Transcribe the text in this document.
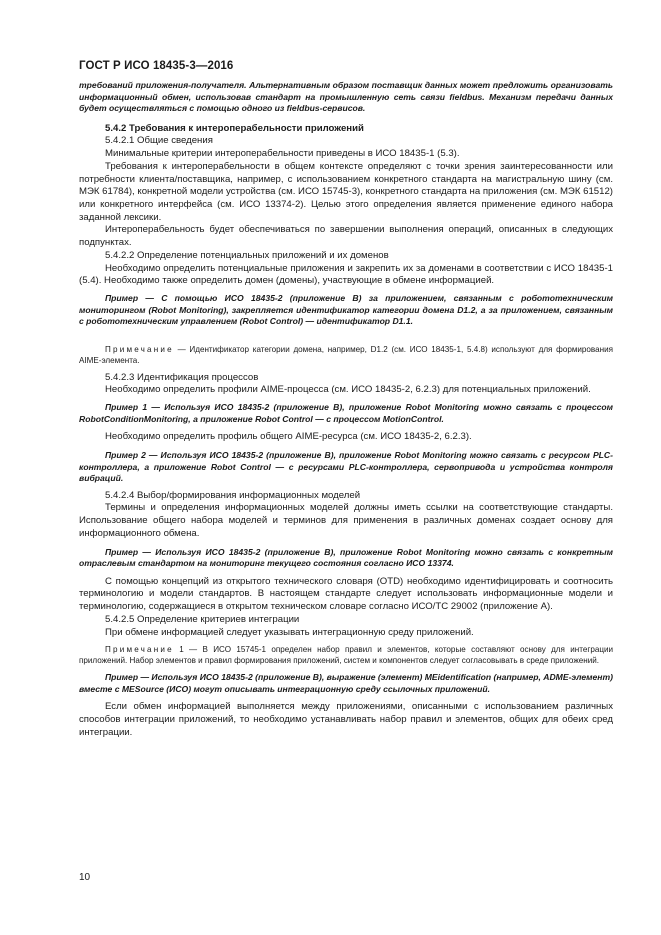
ГОСТ Р ИСО 18435-3—2016

требований приложения-получателя. Альтернативным образом поставщик данных может предложить организовать информационный обмен, использовав стандарт на промышленную сеть связи fieldbus. Механизм передачи данных будет осуществляться с помощью одного из fieldbus-сервисов.

5.4.2 Требования к интероперабельности приложений

5.4.2.1 Общие сведения

Минимальные критерии интероперабельности приведены в ИСО 18435-1 (5.3).

Требования к интероперабельности в общем контексте определяют с точки зрения заинтересованности или потребности клиента/поставщика, например, с использованием конкретного стандарта на магистральную шину (см. МЭК 61784), конкретной модели устройства (см. ИСО 15745-3), конкретного стандарта на приложения (см. МЭК 61512) или конкретного интерфейса (см. ИСО 13374-2). Целью этого определения является применение единого набора заданной лексики.

Интероперабельность будет обеспечиваться по завершении выполнения операций, описанных в следующих подпунктах.

5.4.2.2 Определение потенциальных приложений и их доменов

Необходимо определить потенциальные приложения и закрепить их за доменами в соответствии с ИСО 18435-1 (5.4). Необходимо также определить домен (домены), участвующие в обмене информацией.

Пример — С помощью ИСО 18435-2 (приложение В) за приложением, связанным с робототехническим мониторингом (Robot Monitoring), закрепляется идентификатор категории домена D1.2, а за приложением, связанным с робототехническим управлением (Robot Control) — идентификатор D1.1.

Примечание — Идентификатор категории домена, например, D1.2 (см. ИСО 18435-1, 5.4.8) используют для формирования AIME-элемента.

5.4.2.3 Идентификация процессов

Необходимо определить профили AIME-процесса (см. ИСО 18435-2, 6.2.3) для потенциальных приложений.

Пример 1 — Используя ИСО 18435-2 (приложение В), приложение Robot Monitoring можно связать с процессом RobotConditionMonitoring, а приложение Robot Control — с процессом MotionControl.

Необходимо определить профиль общего AIME-ресурса (см. ИСО 18435-2, 6.2.3).

Пример 2 — Используя ИСО 18435-2 (приложение В), приложение Robot Monitoring можно связать с ресурсом PLC-контроллера, а приложение Robot Control — с ресурсами PLC-контроллера, сервопривода и устройства контроля вибраций.

5.4.2.4 Выбор/формирования информационных моделей

Термины и определения информационных моделей должны иметь ссылки на соответствующие стандарты. Использование общего набора моделей и терминов для применения в различных доменах создает основу для информационного обмена.

Пример — Используя ИСО 18435-2 (приложение В), приложение Robot Monitoring можно связать с конкретным отраслевым стандартом на мониторинг текущего состояния согласно ИСО 13374.

С помощью концепций из открытого технического словаря (OTD) необходимо идентифицировать и соотносить терминологию и модели стандартов. В настоящем стандарте следует использовать информационные модели и терминологию, содержащиеся в открытом техническом словаре согласно ИСО/ТС 29002 (приложение А).

5.4.2.5 Определение критериев интеграции

При обмене информацией следует указывать интеграционную среду приложений.

Примечание 1 — В ИСО 15745-1 определен набор правил и элементов, которые составляют основу для интеграции приложений. Набор элементов и правил формирования приложений, систем и компонентов следует согласовывать в среде приложений.

Пример — Используя ИСО 18435-2 (приложение В), выражение (элемент) MEidentification (например, ADME-элемент) вместе с MESource (ИСО) могут описывать интеграционную среду ссылочных приложений.

Если обмен информацией выполняется между приложениями, описанными с использованием различных способов интеграции приложений, то необходимо устанавливать набор правил и элементов, общих для обеих сред интеграции.

10
